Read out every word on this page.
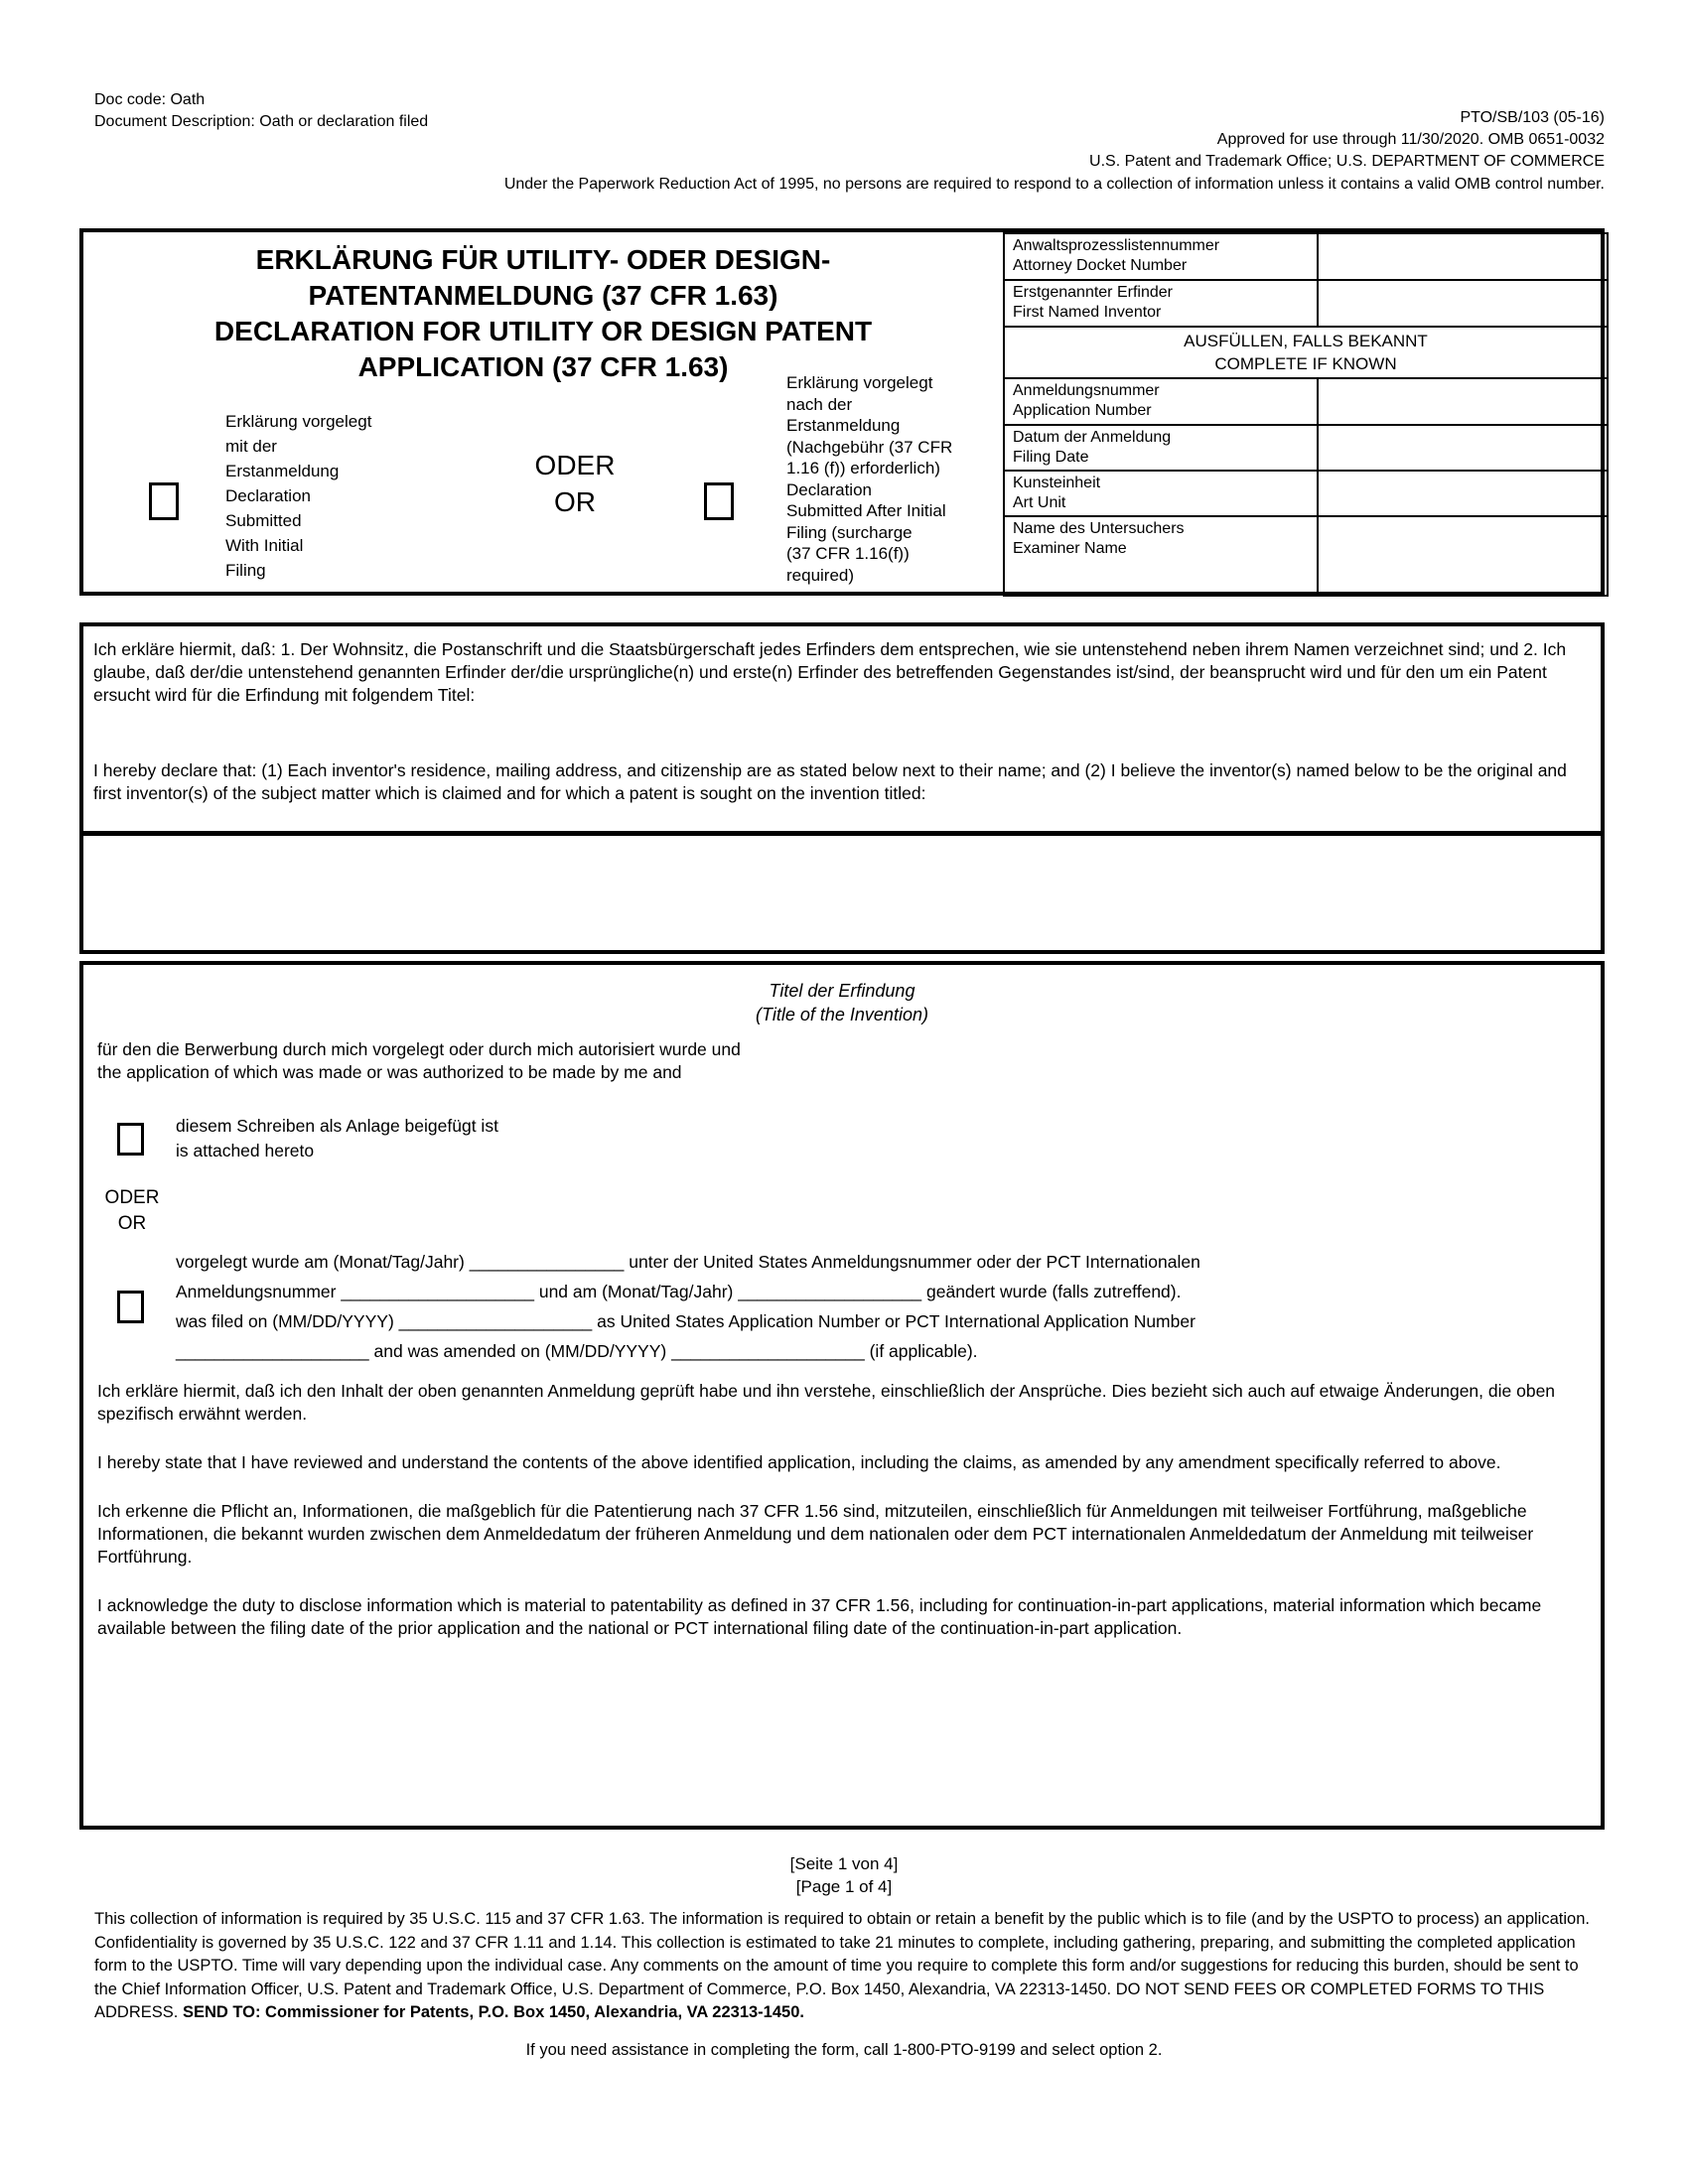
Doc code: Oath
Document Description: Oath or declaration filed	PTO/SB/103 (05-16)
Approved for use through 11/30/2020. OMB 0651-0032
U.S. Patent and Trademark Office; U.S. DEPARTMENT OF COMMERCE
Under the Paperwork Reduction Act of 1995, no persons are required to respond to a collection of information unless it contains a valid OMB control number.
ERKLÄRUNG FÜR UTILITY- ODER DESIGN-
PATENTANMELDUNG (37 CFR 1.63)
DECLARATION FOR UTILITY OR DESIGN PATENT
APPLICATION (37 CFR 1.63)
Erklärung vorgelegt
mit der
Erstanmeldung
Declaration
Submitted
With Initial
Filing
ODER
OR
Erklärung vorgelegt
nach der
Erstanmeldung
(Nachgebühr (37 CFR
1.16 (f)) erforderlich)
Declaration
Submitted After Initial
Filing (surcharge
(37 CFR 1.16(f))
required)
Anwaltsprozesslistennummer
Attorney Docket Number	
Erstgenannter Erfinder
First Named Inventor	
AUSFÜLLEN, FALLS BEKANNT
COMPLETE IF KNOWN	
Anmeldungsnummer
Application Number	
Datum der Anmeldung
Filing Date	
Kunsteinheit
Art Unit	
Name des Untersuchers
Examiner Name	
Ich erkläre hiermit, daß: 1. Der Wohnsitz, die Postanschrift und die Staatsbürgerschaft jedes Erfinders dem entsprechen, wie sie untenstehend neben ihrem Namen verzeichnet sind; und 2. Ich glaube, daß der/die untenstehend genannten Erfinder der/die ursprüngliche(n) und erste(n) Erfinder des betreffenden Gegenstandes ist/sind, der beansprucht wird und für den um ein Patent ersucht wird für die Erfindung mit folgendem Titel:
I hereby declare that: (1) Each inventor's residence, mailing address, and citizenship are as stated below next to their name; and (2) I believe the inventor(s) named below to be the original and first inventor(s) of the subject matter which is claimed and for which a patent is sought on the invention titled:
Titel der Erfindung
(Title of the Invention)
für den die Berwerbung durch mich vorgelegt oder durch mich autorisiert wurde und
the application of which was made or was authorized to be made by me and
diesem Schreiben als Anlage beigefügt ist
is attached hereto
ODER
OR
vorgelegt wurde am (Monat/Tag/Jahr) ________________ unter der United States Anmeldungsnummer oder der PCT Internationalen
Anmeldungsnummer ____________________ und am (Monat/Tag/Jahr) ___________________ geändert wurde (falls zutreffend).
was filed on (MM/DD/YYYY) ____________________ as United States Application Number or PCT International Application Number
____________________ and was amended on (MM/DD/YYYY) ____________________ (if applicable).
Ich erkläre hiermit, daß ich den Inhalt der oben genannten Anmeldung geprüft habe und ihn verstehe, einschließlich der Ansprüche. Dies bezieht sich auch auf etwaige Änderungen, die oben spezifisch erwähnt werden.
I hereby state that I have reviewed and understand the contents of the above identified application, including the claims, as amended by any amendment specifically referred to above.
Ich erkenne die Pflicht an, Informationen, die maßgeblich für die Patentierung nach 37 CFR 1.56 sind, mitzuteilen, einschließlich für Anmeldungen mit teilweiser Fortführung, maßgebliche Informationen, die bekannt wurden zwischen dem Anmeldedatum der früheren Anmeldung und dem nationalen oder dem PCT internationalen Anmeldedatum der Anmeldung mit teilweiser Fortführung.
I acknowledge the duty to disclose information which is material to patentability as defined in 37 CFR 1.56, including for continuation-in-part applications, material information which became available between the filing date of the prior application and the national or PCT international filing date of the continuation-in-part application.
[Seite 1 von 4]
[Page 1 of 4]
This collection of information is required by 35 U.S.C. 115 and 37 CFR 1.63. The information is required to obtain or retain a benefit by the public which is to file (and by the USPTO to process) an application. Confidentiality is governed by 35 U.S.C. 122 and 37 CFR 1.11 and 1.14. This collection is estimated to take 21 minutes to complete, including gathering, preparing, and submitting the completed application form to the USPTO. Time will vary depending upon the individual case. Any comments on the amount of time you require to complete this form and/or suggestions for reducing this burden, should be sent to the Chief Information Officer, U.S. Patent and Trademark Office, U.S. Department of Commerce, P.O. Box 1450, Alexandria, VA 22313-1450. DO NOT SEND FEES OR COMPLETED FORMS TO THIS ADDRESS. SEND TO: Commissioner for Patents, P.O. Box 1450, Alexandria, VA 22313-1450.
If you need assistance in completing the form, call 1-800-PTO-9199 and select option 2.
